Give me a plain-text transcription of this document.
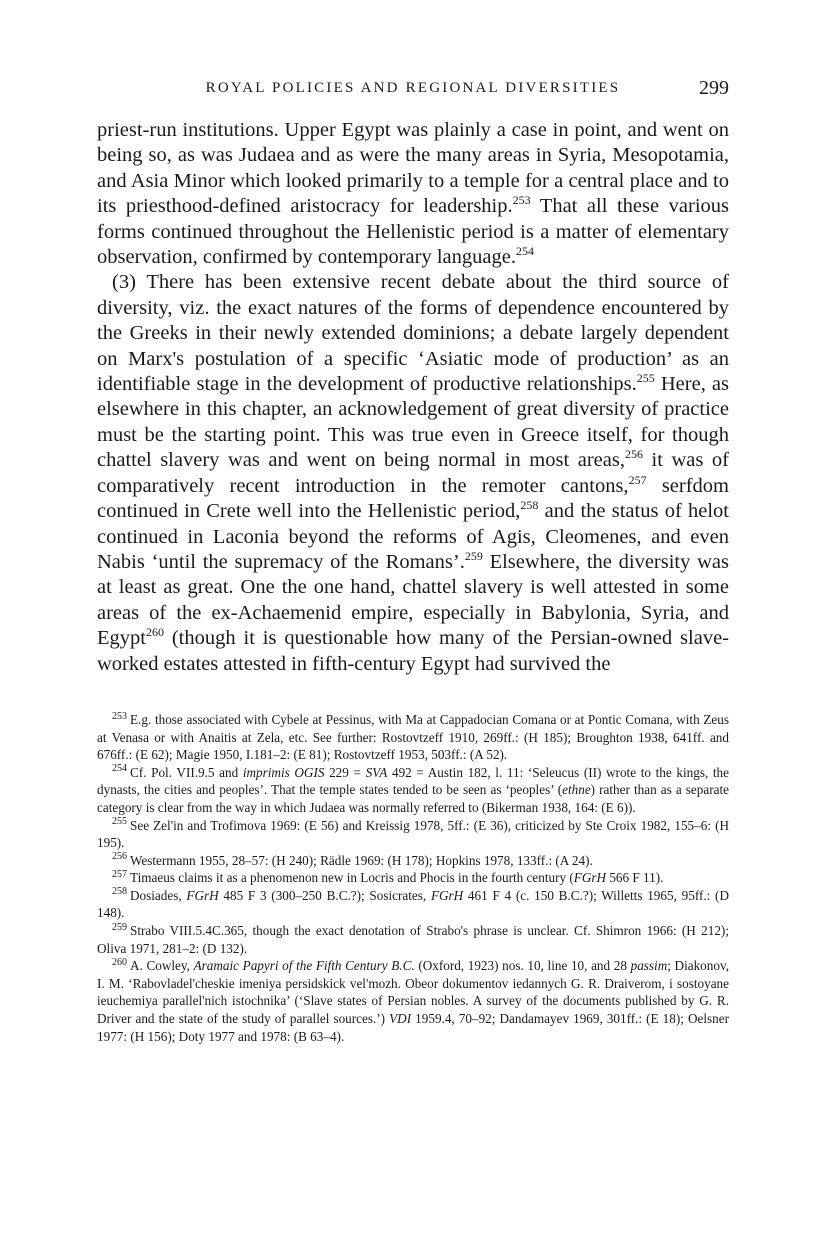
ROYAL POLICIES AND REGIONAL DIVERSITIES	299

priest-run institutions. Upper Egypt was plainly a case in point, and went on being so, as was Judaea and as were the many areas in Syria, Mesopotamia, and Asia Minor which looked primarily to a temple for a central place and to its priesthood-defined aristocracy for leadership.$^{253}$ That all these various forms continued throughout the Hellenistic period is a matter of elementary observation, confirmed by contemporary language.$^{254}$

(3) There has been extensive recent debate about the third source of diversity, viz. the exact natures of the forms of dependence encountered by the Greeks in their newly extended dominions; a debate largely dependent on Marx's postulation of a specific ‘Asiatic mode of production’ as an identifiable stage in the development of productive relationships.$^{255}$ Here, as elsewhere in this chapter, an acknowledgement of great diversity of practice must be the starting point. This was true even in Greece itself, for though chattel slavery was and went on being normal in most areas,$^{256}$ it was of comparatively recent introduction in the remoter cantons,$^{257}$ serfdom continued in Crete well into the Hellenistic period,$^{258}$ and the status of helot continued in Laconia beyond the reforms of Agis, Cleomenes, and even Nabis ‘until the supremacy of the Romans’.$^{259}$ Elsewhere, the diversity was at least as great. One the one hand, chattel slavery is well attested in some areas of the ex-Achaemenid empire, especially in Babylonia, Syria, and Egypt$^{260}$ (though it is questionable how many of the Persian-owned slave-worked estates attested in fifth-century Egypt had survived the

$^{253}$ E.g. those associated with Cybele at Pessinus, with Ma at Cappadocian Comana or at Pontic Comana, with Zeus at Venasa or with Anaitis at Zela, etc. See further: Rostovtzeff 1910, 269ff.: (H 185); Broughton 1938, 641ff. and 676ff.: (E 62); Magie 1950, I.181–2: (E 81); Rostovtzeff 1953, 503ff.: (A 52).

$^{254}$ Cf. Pol. VII.9.5 and imprimis OGIS 229 = SVA 492 = Austin 182, l. 11: ‘Seleucus (II) wrote to the kings, the dynasts, the cities and peoples’. That the temple states tended to be seen as ‘peoples’ (ethne) rather than as a separate category is clear from the way in which Judaea was normally referred to (Bikerman 1938, 164: (E 6)).

$^{255}$ See Zel'in and Trofimova 1969: (E 56) and Kreissig 1978, 5ff.: (E 36), criticized by Ste Croix 1982, 155–6: (H 195).

$^{256}$ Westermann 1955, 28–57: (H 240); Rädle 1969: (H 178); Hopkins 1978, 133ff.: (A 24).

$^{257}$ Timaeus claims it as a phenomenon new in Locris and Phocis in the fourth century (FGrH 566 F 11).

$^{258}$ Dosiades, FGrH 485 F 3 (300–250 B.C.?); Sosicrates, FGrH 461 F 4 (c. 150 B.C.?); Willetts 1965, 95ff.: (D 148).

$^{259}$ Strabo VIII.5.4C.365, though the exact denotation of Strabo's phrase is unclear. Cf. Shimron 1966: (H 212); Oliva 1971, 281–2: (D 132).

$^{260}$ A. Cowley, Aramaic Papyri of the Fifth Century B.C. (Oxford, 1923) nos. 10, line 10, and 28 passim; Diakonov, I. M. ‘Rabovladel'cheskie imeniya persidskick vel'mozh. Obeor dokumentov iedannych G. R. Draiverom, i sostoyane ieuchemiya parallel'nich istochnika’ (‘Slave states of Persian nobles. A survey of the documents published by G. R. Driver and the state of the study of parallel sources.’) VDI 1959.4, 70–92; Dandamayev 1969, 301ff.: (E 18); Oelsner 1977: (H 156); Doty 1977 and 1978: (B 63–4).
